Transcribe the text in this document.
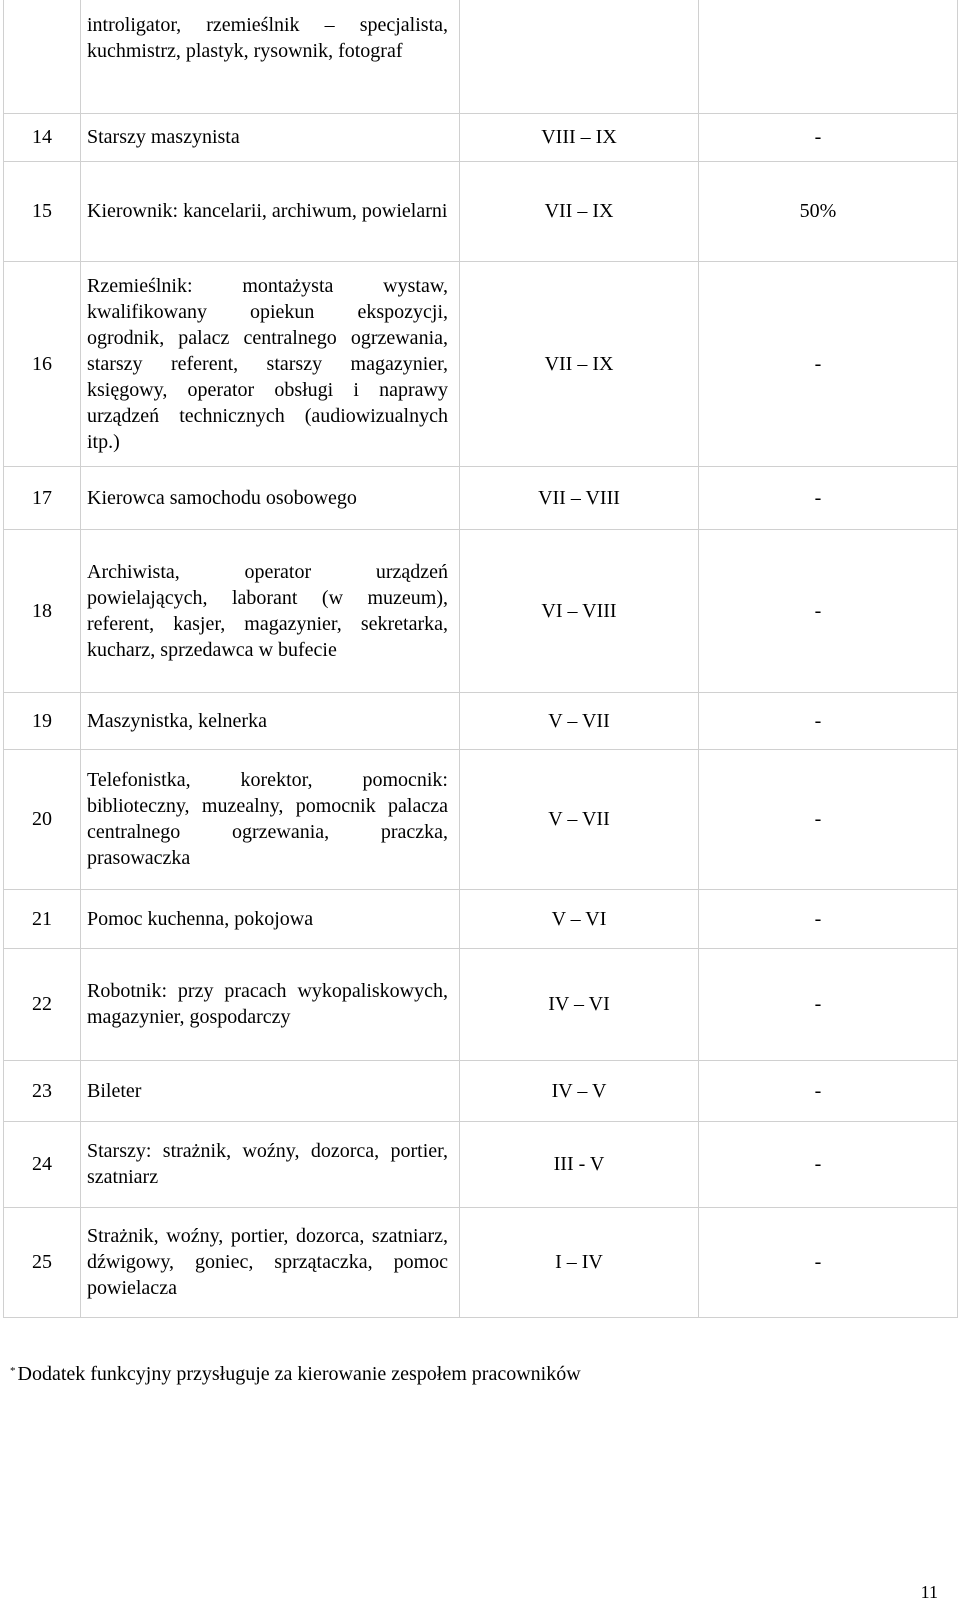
	introligator, rzemieślnik – specjalista, kuchmistrz, plastyk, rysownik, fotograf		
14	Starszy maszynista	VIII – IX	-
15	Kierownik: kancelarii, archiwum, powielarni	VII – IX	50%
16	Rzemieślnik: montażysta wystaw, kwalifikowany opiekun ekspozycji, ogrodnik, palacz centralnego ogrzewania, starszy referent, starszy magazynier, księgowy, operator obsługi i naprawy urządzeń technicznych (audiowizualnych itp.)	VII – IX	-
17	Kierowca samochodu osobowego	VII – VIII	-
18	Archiwista, operator urządzeń powielających, laborant (w muzeum), referent, kasjer, magazynier, sekretarka, kucharz, sprzedawca w bufecie	VI – VIII	-
19	Maszynistka, kelnerka	V – VII	-
20	Telefonistka, korektor, pomocnik: biblioteczny, muzealny, pomocnik palacza centralnego ogrzewania, praczka, prasowaczka	V – VII	-
21	Pomoc kuchenna, pokojowa	V – VI	-
22	Robotnik: przy pracach wykopaliskowych, magazynier, gospodarczy	IV – VI	-
23	Bileter	IV – V	-
24	Starszy: strażnik, woźny, dozorca, portier, szatniarz	III - V	-
25	Strażnik, woźny, portier, dozorca, szatniarz, dźwigowy, goniec, sprzątaczka, pomoc powielacza	I – IV	-
* Dodatek funkcyjny przysługuje za kierowanie zespołem pracowników
11
